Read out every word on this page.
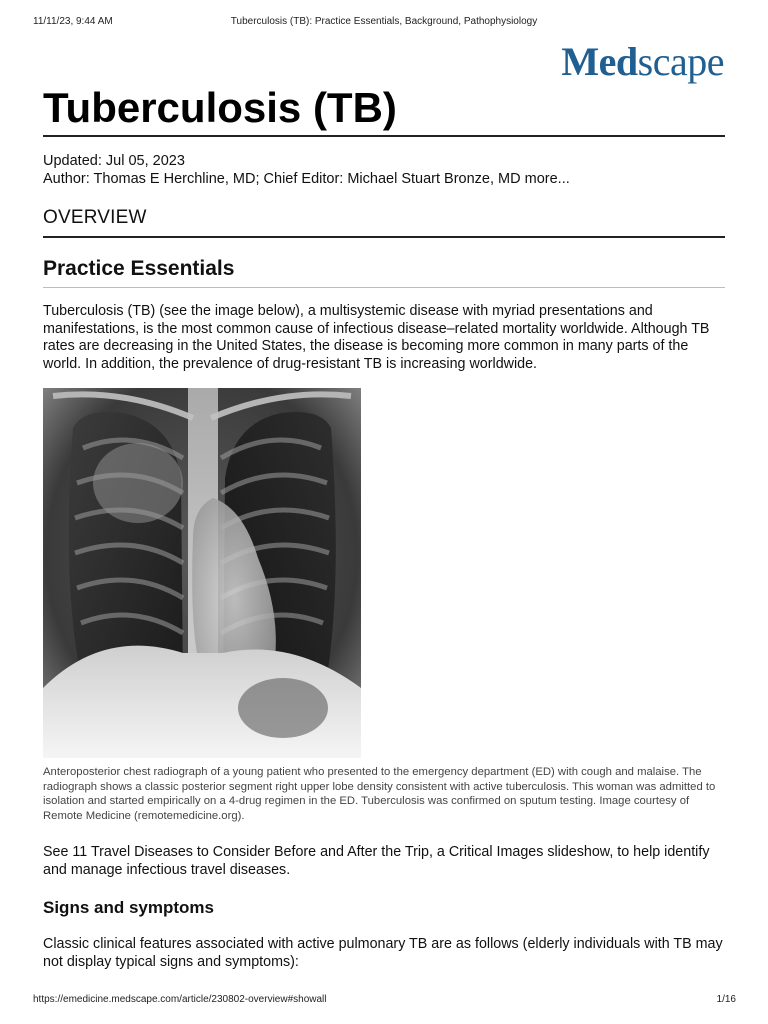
11/11/23, 9:44 AM	Tuberculosis (TB): Practice Essentials, Background, Pathophysiology
Medscape
Tuberculosis (TB)
Updated: Jul 05, 2023
Author: Thomas E Herchline, MD; Chief Editor: Michael Stuart Bronze, MD more...
OVERVIEW
Practice Essentials

Tuberculosis (TB) (see the image below), a multisystemic disease with myriad presentations and manifestations, is the most common cause of infectious disease–related mortality worldwide. Although TB rates are decreasing in the United States, the disease is becoming more common in many parts of the world. In addition, the prevalence of drug-resistant TB is increasing worldwide.

Anteroposterior chest radiograph of a young patient who presented to the emergency department (ED) with cough and malaise. The radiograph shows a classic posterior segment right upper lobe density consistent with active tuberculosis. This woman was admitted to isolation and started empirically on a 4-drug regimen in the ED. Tuberculosis was confirmed on sputum testing. Image courtesy of Remote Medicine (remotemedicine.org).

See 11 Travel Diseases to Consider Before and After the Trip, a Critical Images slideshow, to help identify and manage infectious travel diseases.

Signs and symptoms

Classic clinical features associated with active pulmonary TB are as follows (elderly individuals with TB may not display typical signs and symptoms):

https://emedicine.medscape.com/article/230802-overview#showall	1/16
